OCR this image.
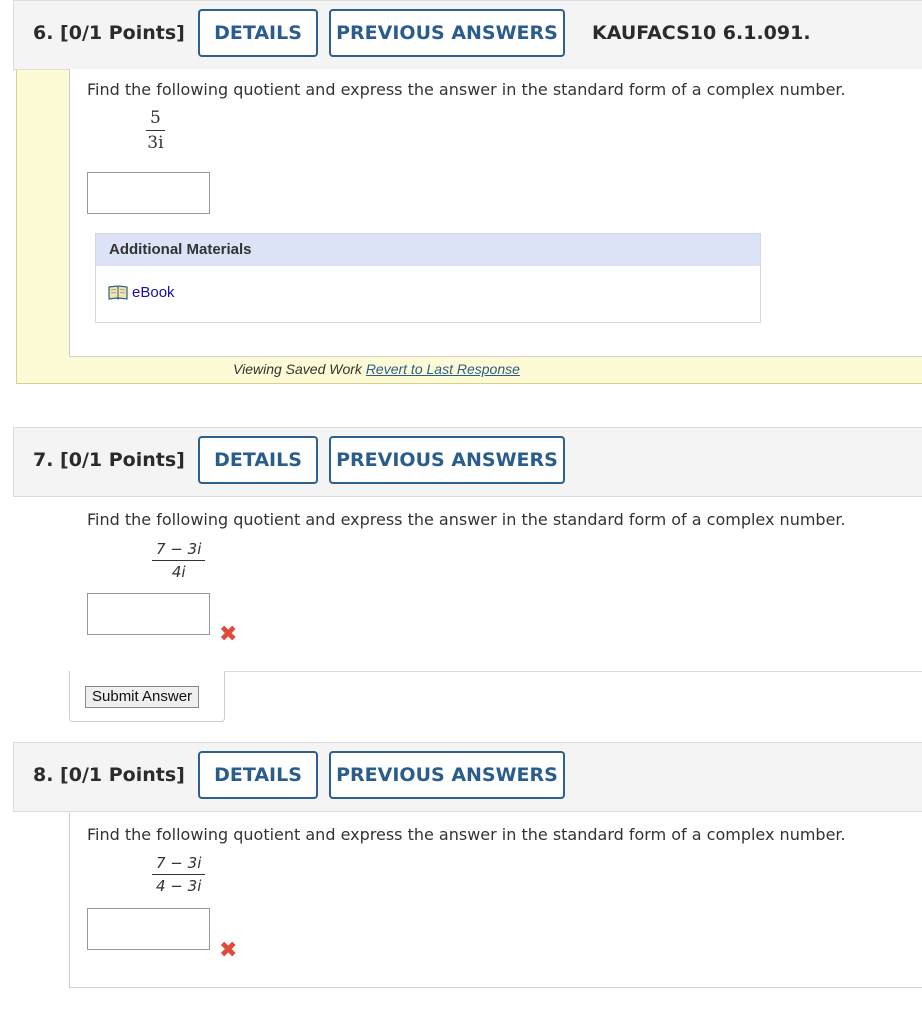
6. [0/1 Points]	DETAILS	PREVIOUS ANSWERS	KAUFACS10 6.1.091.
Find the following quotient and express the answer in the standard form of a complex number.
$\frac{5}{3i}$
Additional Materials
eBook
Viewing Saved Work Revert to Last Response
7. [0/1 Points]	DETAILS	PREVIOUS ANSWERS
Find the following quotient and express the answer in the standard form of a complex number.
$\frac{7 - 3i}{4i}$
✖
Submit Answer
8. [0/1 Points]	DETAILS	PREVIOUS ANSWERS
Find the following quotient and express the answer in the standard form of a complex number.
$\frac{7 - 3i}{4 - 3i}$
✖
